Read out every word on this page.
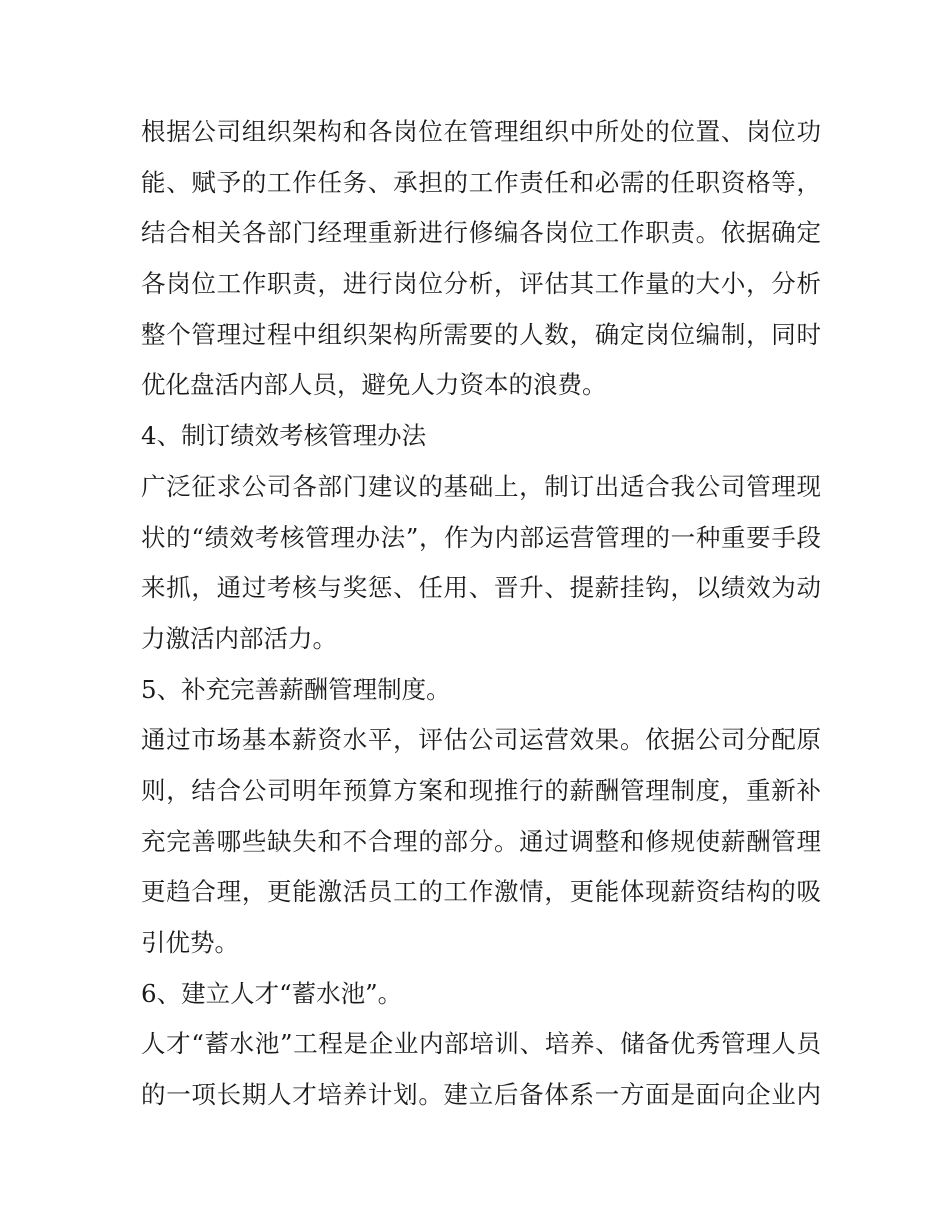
根据公司组织架构和各岗位在管理组织中所处的位置、岗位功
能、赋予的工作任务、承担的工作责任和必需的任职资格等，
结合相关各部门经理重新进行修编各岗位工作职责。依据确定
各岗位工作职责，进行岗位分析，评估其工作量的大小，分析
整个管理过程中组织架构所需要的人数，确定岗位编制，同时
优化盘活内部人员，避免人力资本的浪费。
4、制订绩效考核管理办法
广泛征求公司各部门建议的基础上，制订出适合我公司管理现
状的“绩效考核管理办法”，作为内部运营管理的一种重要手段
来抓，通过考核与奖惩、任用、晋升、提薪挂钩，以绩效为动
力激活内部活力。
5、补充完善薪酬管理制度。
通过市场基本薪资水平，评估公司运营效果。依据公司分配原
则，结合公司明年预算方案和现推行的薪酬管理制度，重新补
充完善哪些缺失和不合理的部分。通过调整和修规使薪酬管理
更趋合理，更能激活员工的工作激情，更能体现薪资结构的吸
引优势。
6、建立人才“蓄水池”。
人才“蓄水池”工程是企业内部培训、培养、储备优秀管理人员
的一项长期人才培养计划。建立后备体系一方面是面向企业内
